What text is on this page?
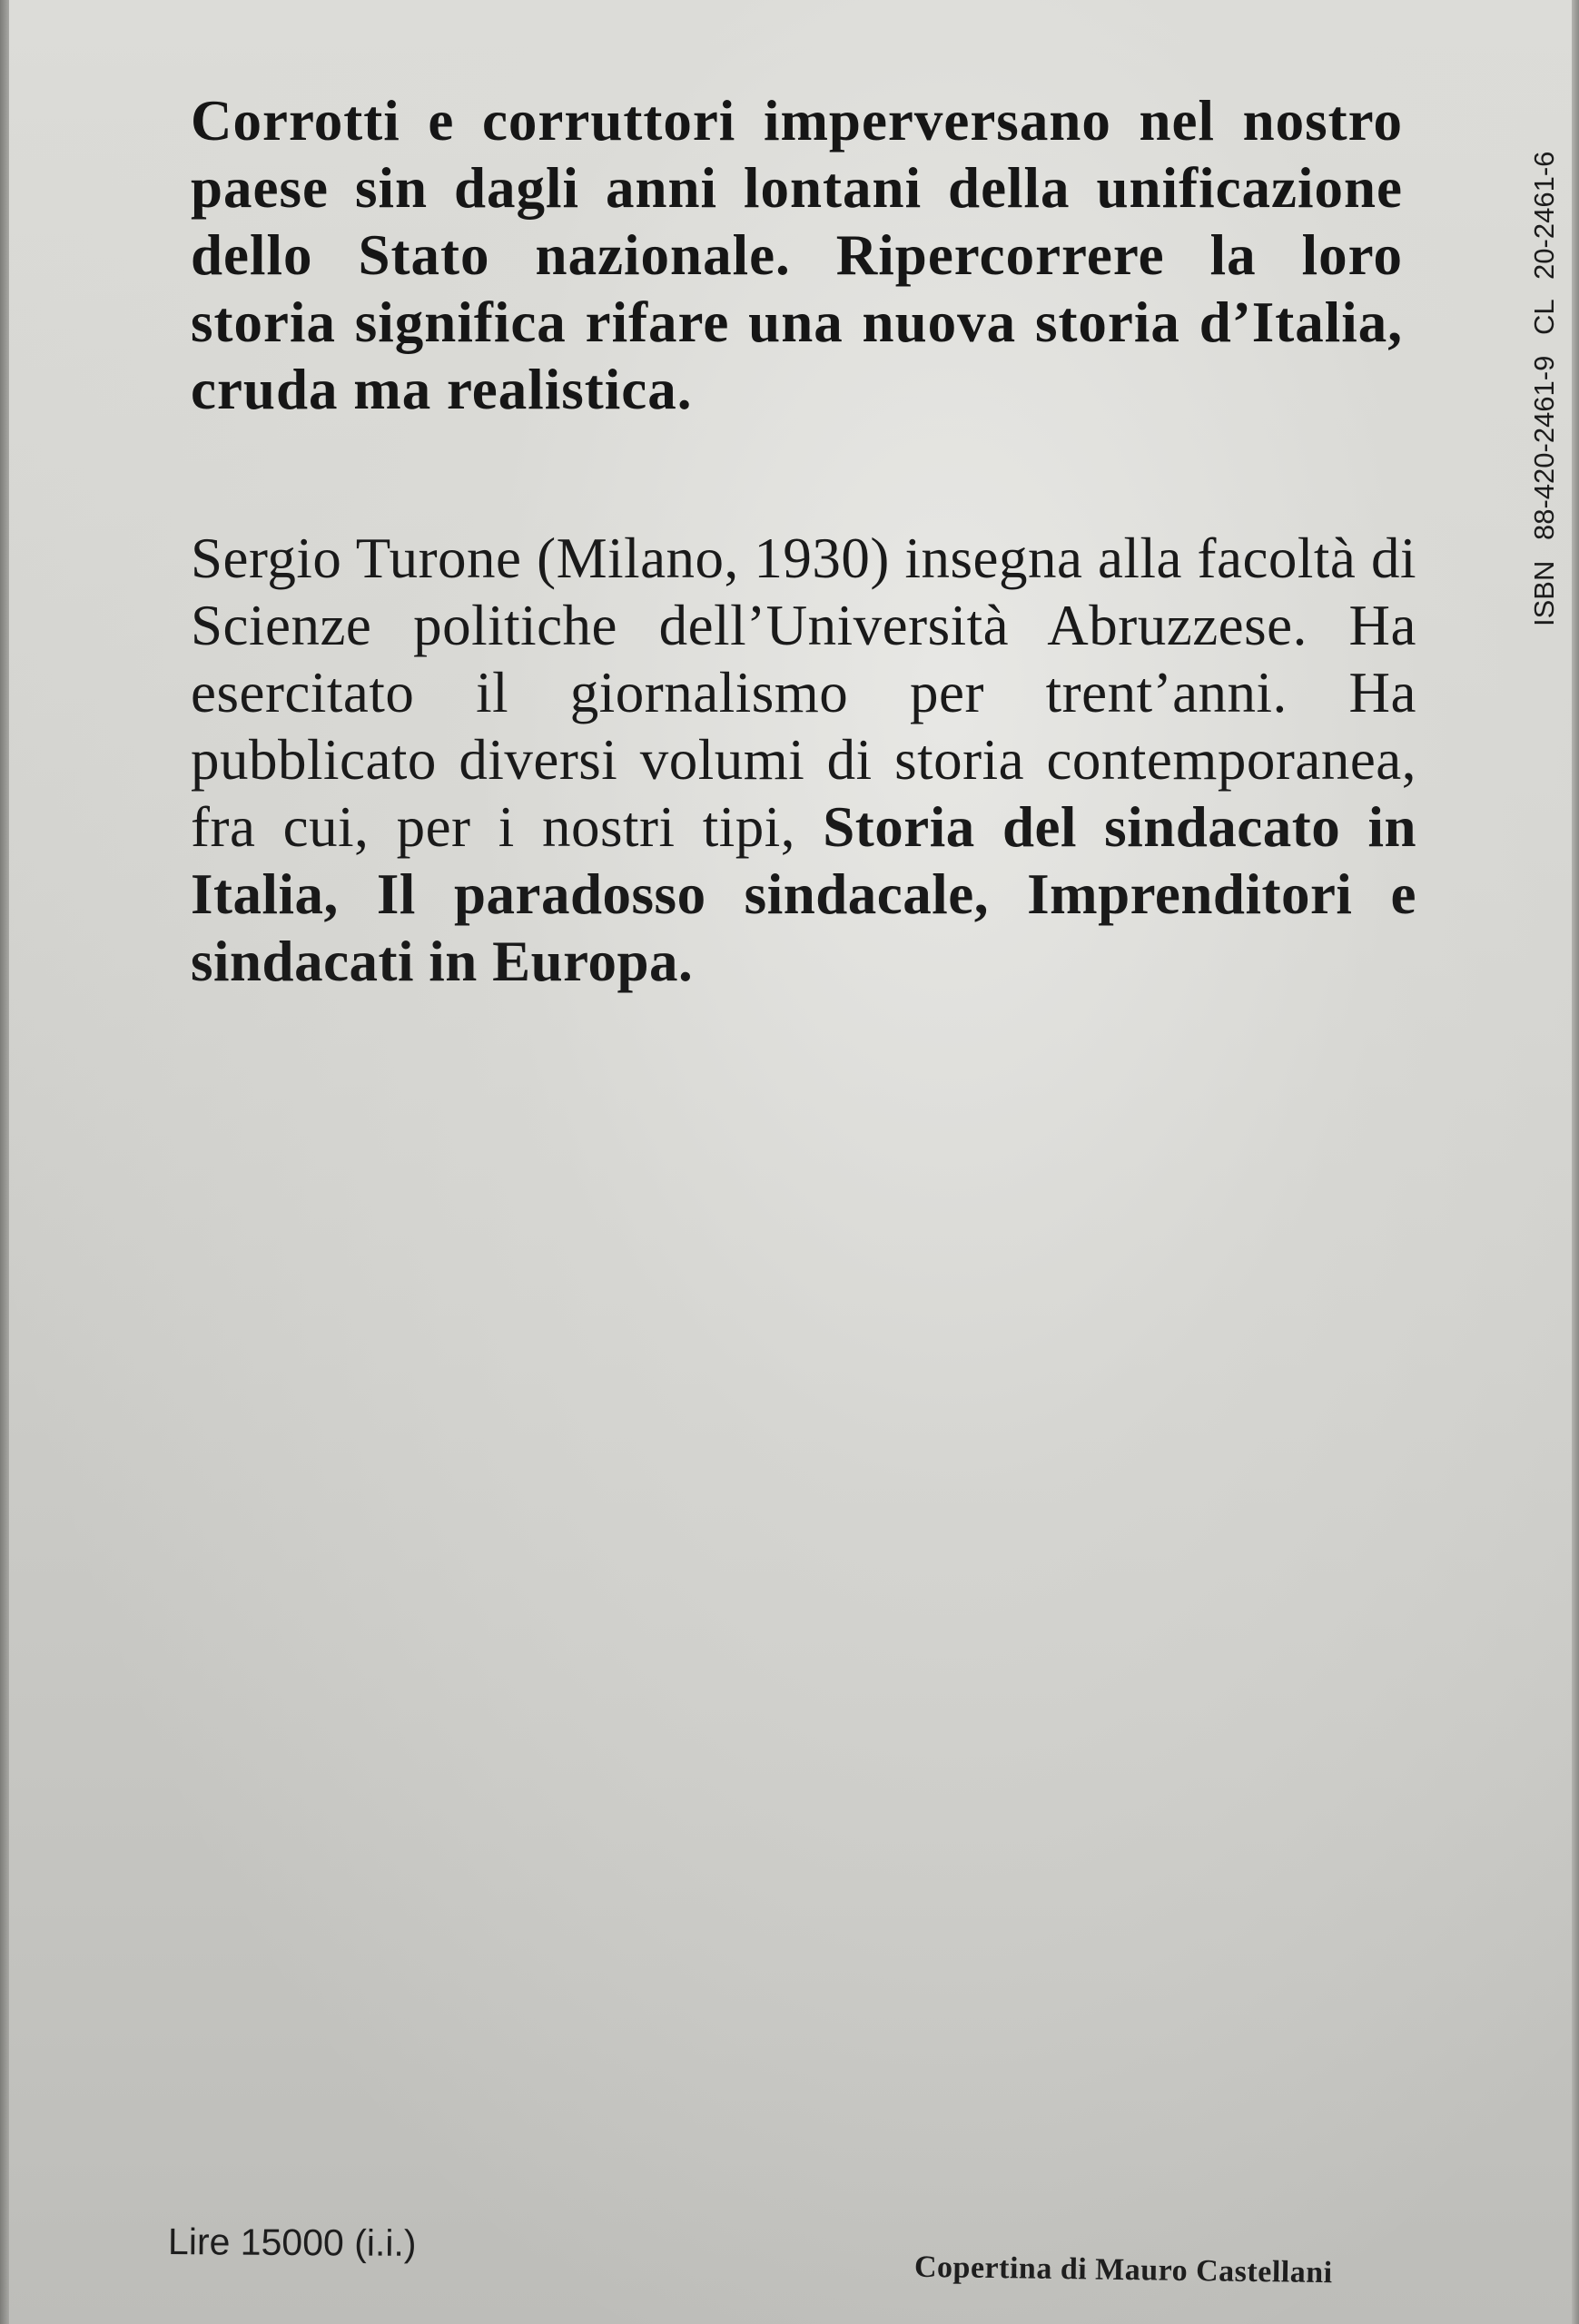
Corrotti e corruttori imperversano nel nostro paese sin dagli anni lontani della unificazione dello Stato nazionale. Ripercorrere la loro storia significa rifare una nuova storia d’Italia, cruda ma realistica.

Sergio Turone (Milano, 1930) insegna alla facoltà di Scienze politiche dell’Università Abruzzese. Ha esercitato il giornalismo per trent’anni. Ha pubblicato diversi volumi di storia contemporanea, fra cui, per i nostri tipi, Storia del sindacato in Italia, Il paradosso sindacale, Imprenditori e sindacati in Europa.

ISBN 88-420-2461-9 CL 20-2461-6
Lire 15000 (i.i.)
Copertina di Mauro Castellani
